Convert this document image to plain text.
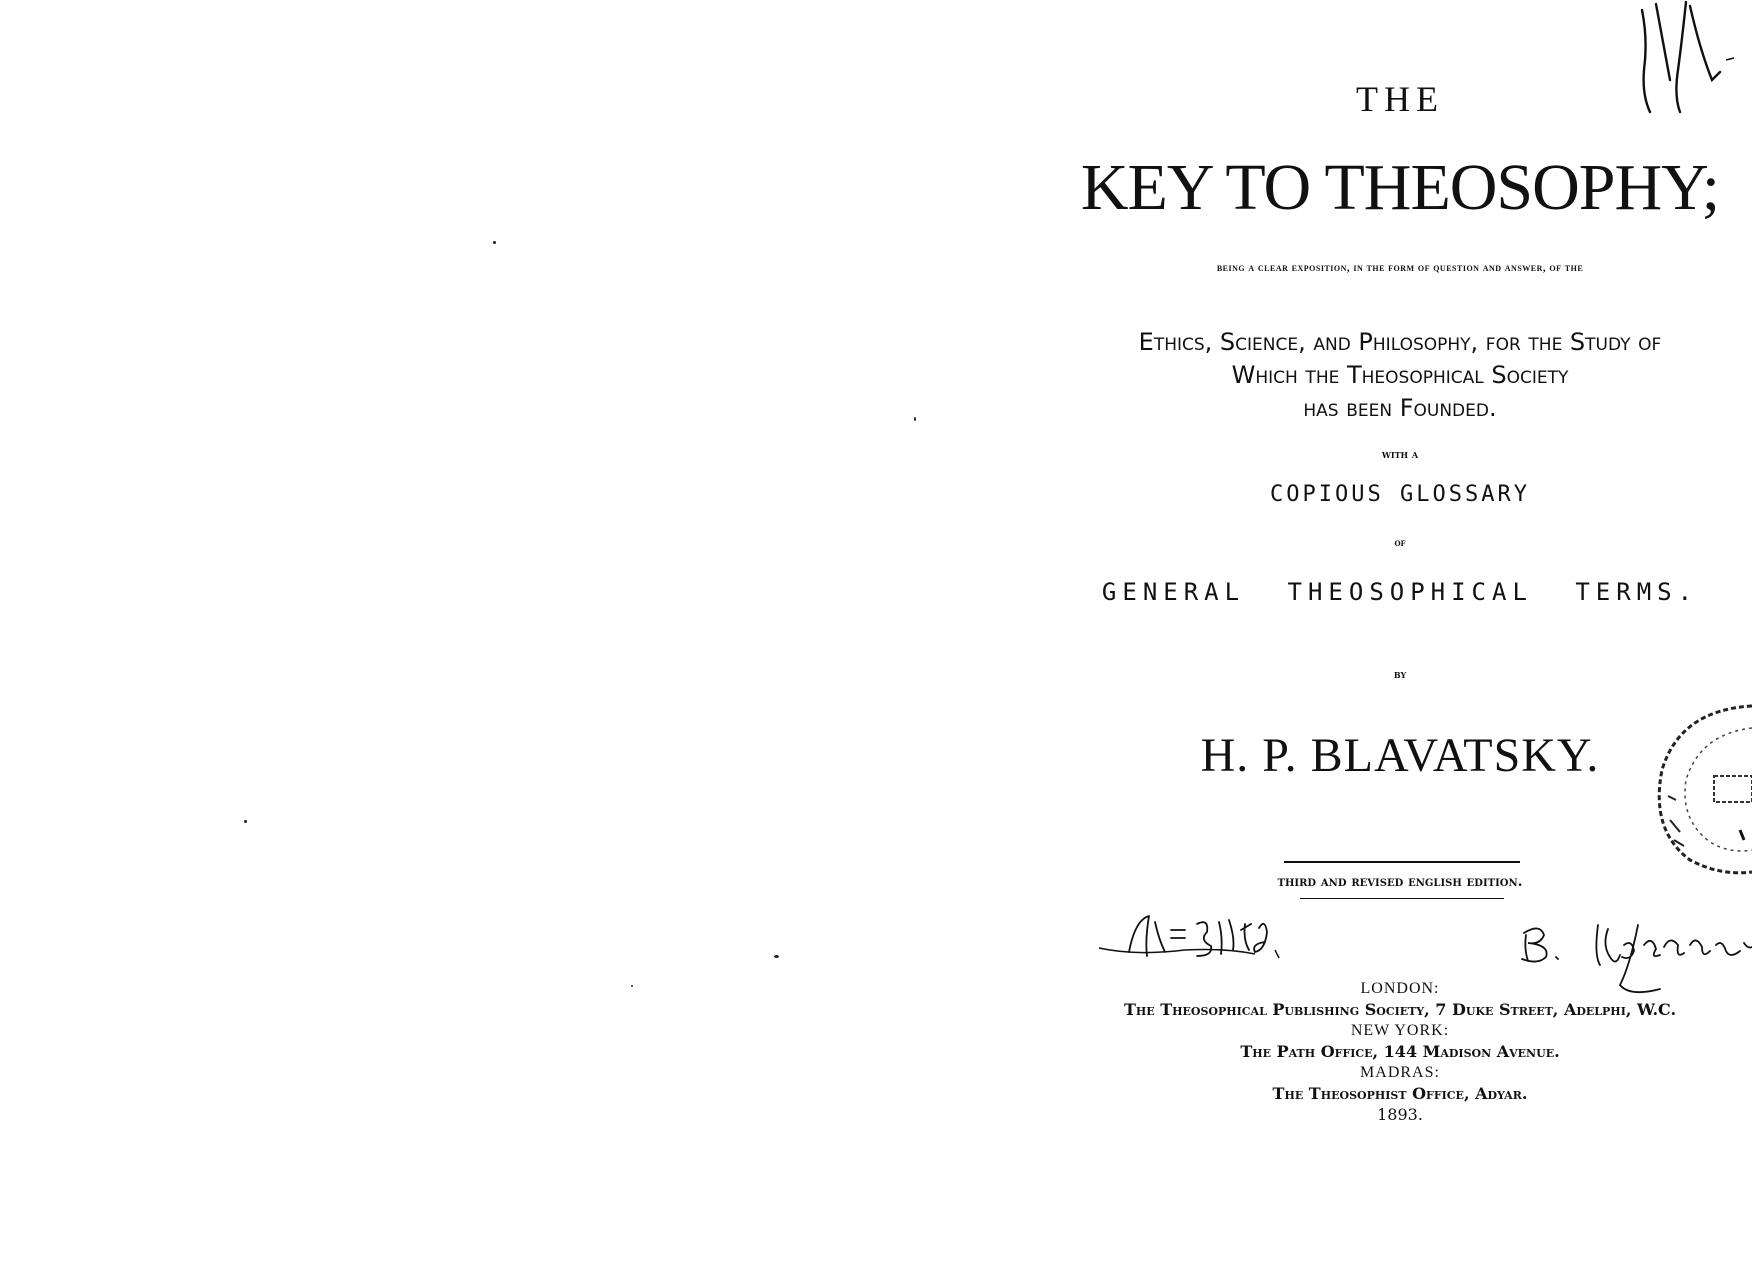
THE
KEY TO THEOSOPHY;
being a clear exposition, in the form of question and answer, of the
Ethics, Science, and Philosophy, for the Study of
Which the Theosophical Society
has been Founded.
with a
COPIOUS GLOSSARY
of
GENERAL THEOSOPHICAL TERMS.
by
H. P. BLAVATSKY.
third and revised english edition.
LONDON:
The Theosophical Publishing Society, 7 Duke Street, Adelphi, W.C.
NEW YORK:
The Path Office, 144 Madison Avenue.
MADRAS:
The Theosophist Office, Adyar.
1893.
